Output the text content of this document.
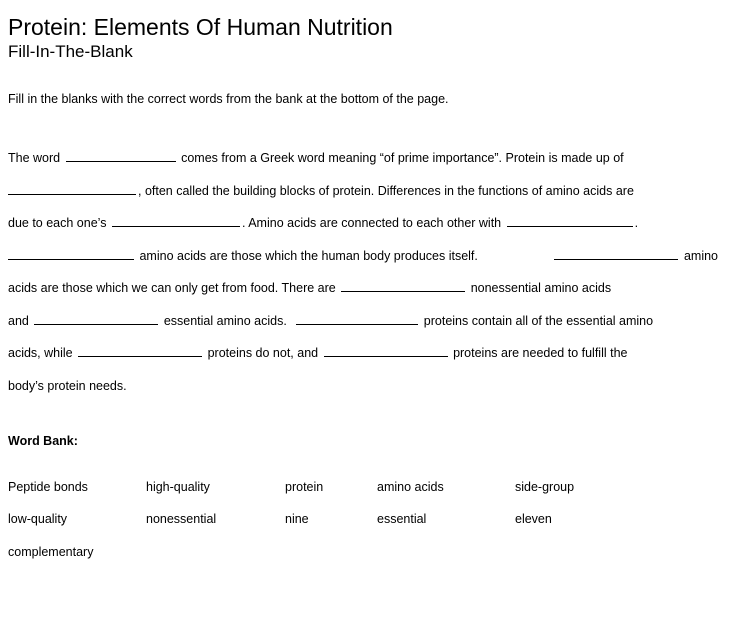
Protein: Elements Of Human Nutrition
Fill-In-The-Blank
Fill in the blanks with the correct words from the bank at the bottom of the page.
The word	comes from a Greek word meaning “of prime importance”. Protein is made up of
, often called the building blocks of protein. Differences in the functions of amino acids are
due to each one’s	. Amino acids are connected to each other with	.
amino acids are those which the human body produces itself.	amino
acids are those which we can only get from food. There are	nonessential amino acids
and	essential amino acids.	proteins contain all of the essential amino
acids, while	proteins do not, and	proteins are needed to fulfill the
body’s protein needs.
Word Bank:
Peptide bonds	high-quality	protein	amino acids	side-group
low-quality	nonessential	nine	essential	eleven
complementary
